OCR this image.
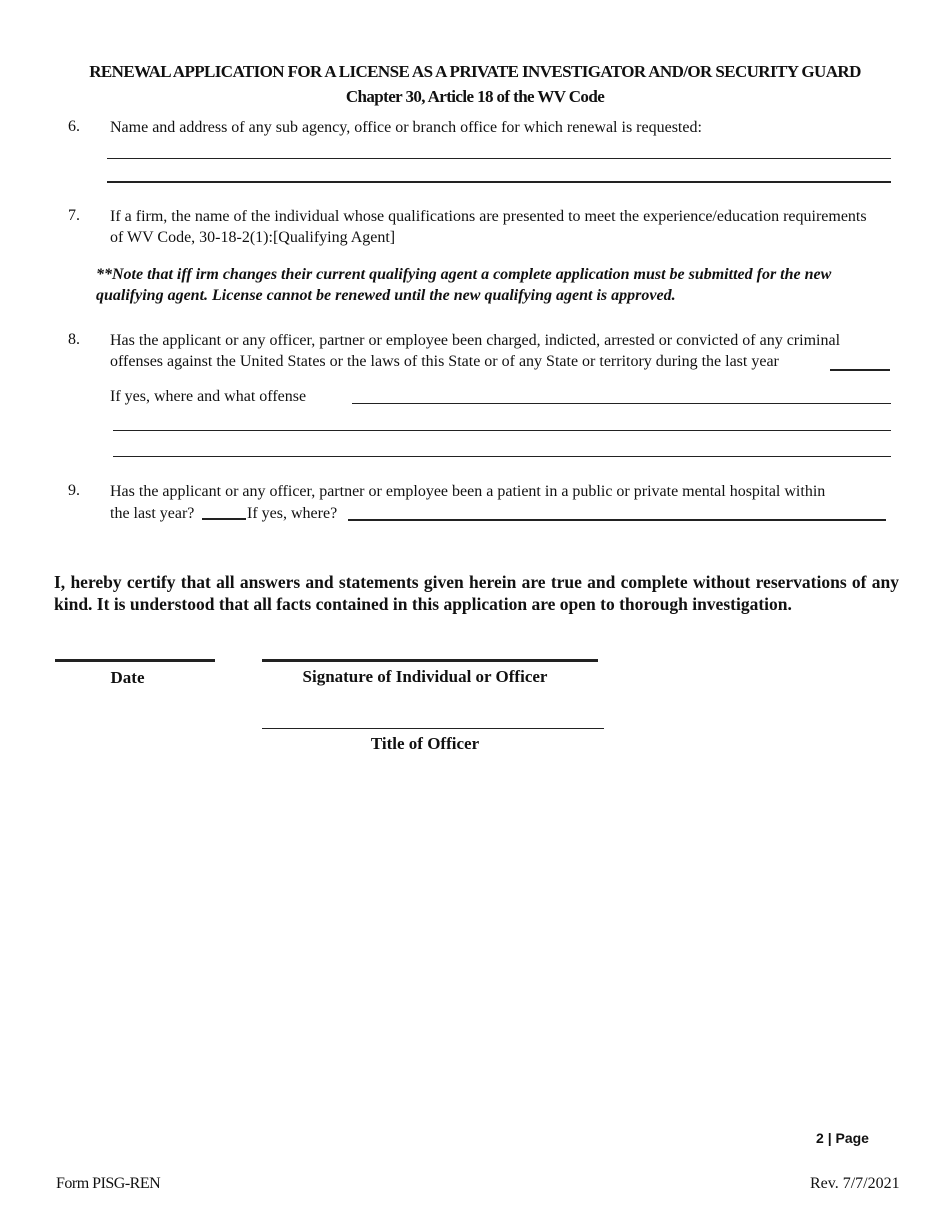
RENEWAL APPLICATION FOR A LICENSE AS A PRIVATE INVESTIGATOR AND/OR SECURITY GUARD
Chapter 30, Article 18 of the WV Code
6. Name and address of any sub agency, office or branch office for which renewal is requested:
7. If a firm, the name of the individual whose qualifications are presented to meet the experience/education requirements of WV Code, 30-18-2(1):[Qualifying Agent]
**Note that iff irm changes their current qualifying agent a complete application must be submitted for the new qualifying agent. License cannot be renewed until the new qualifying agent is approved.
8. Has the applicant or any officer, partner or employee been charged, indicted, arrested or convicted of any criminal offenses against the United States or the laws of this State or of any State or territory during the last year
If yes, where and what offense
9. Has the applicant or any officer, partner or employee been a patient in a public or private mental hospital within
the last year?	If yes, where?
I, hereby certify that all answers and statements given herein are true and complete without reservations of any kind. It is understood that all facts contained in this application are open to thorough investigation.
Date	Signature of Individual or Officer
Title of Officer
2 | Page
Form PISG-REN	Rev. 7/7/2021
